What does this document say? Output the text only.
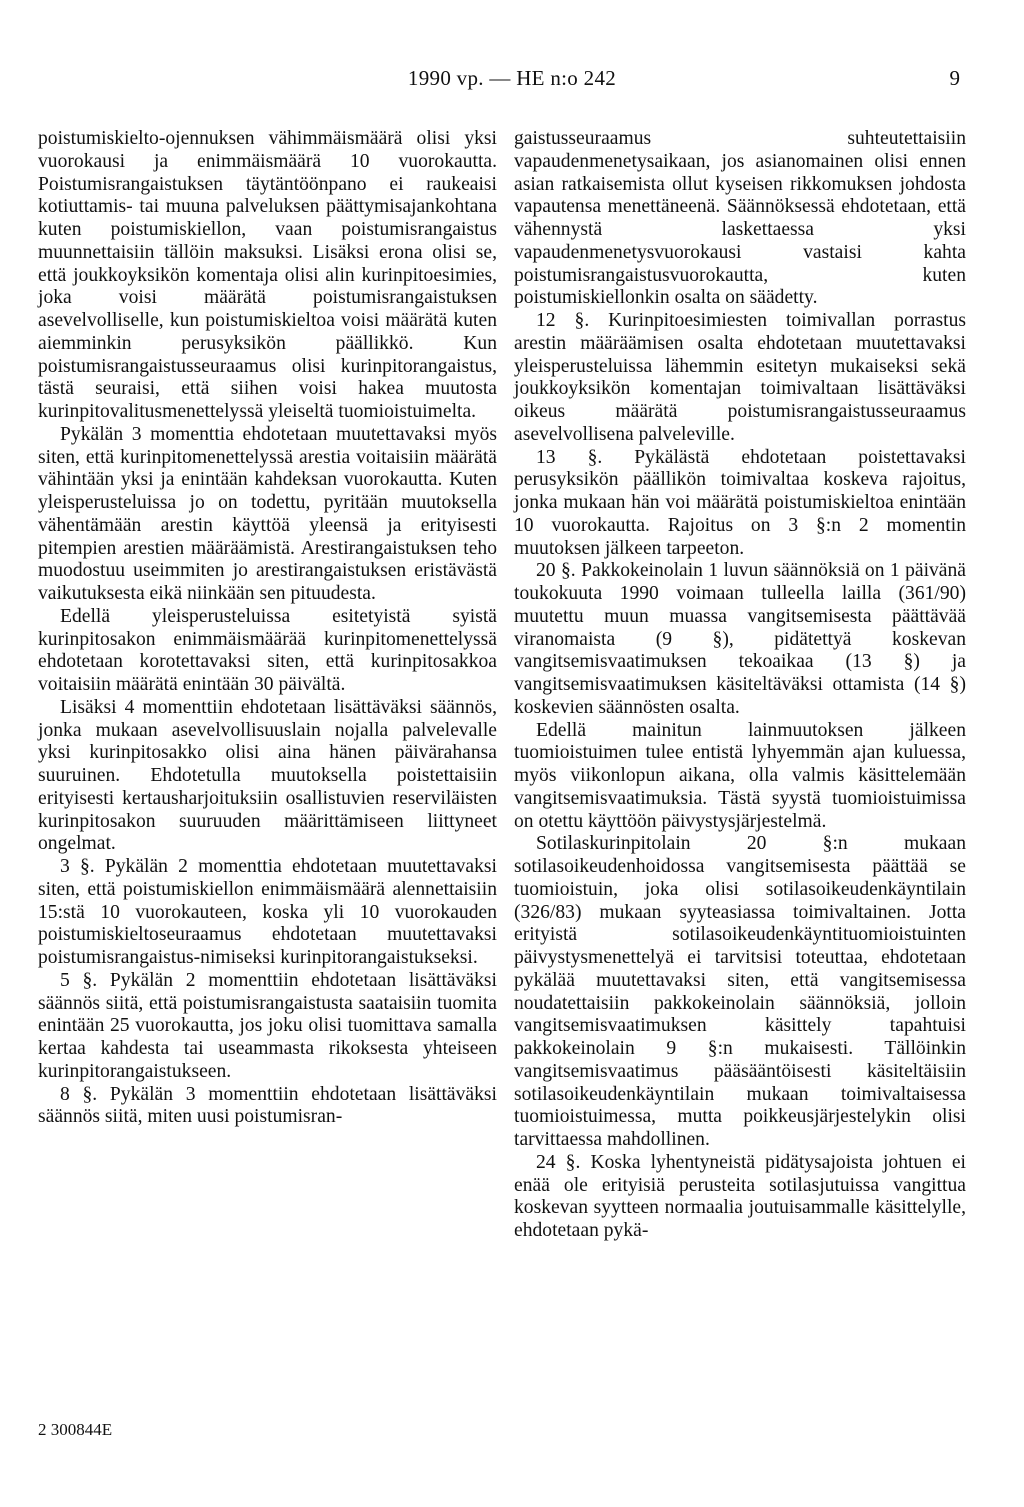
1990 vp. — HE n:o 242	9

poistumiskielto-ojennuksen vähimmäismäärä olisi yksi vuorokausi ja enimmäismäärä 10 vuorokautta. Poistumisrangaistuksen täytäntöönpano ei raukeaisi kotiuttamis- tai muuna palveluksen päättymisajankohtana kuten poistumiskiellon, vaan poistumisrangaistus muunnettaisiin tällöin maksuksi. Lisäksi erona olisi se, että joukkoyksikön komentaja olisi alin kurinpitoesimies, joka voisi määrätä poistumisrangaistuksen asevelvolliselle, kun poistumiskieltoa voisi määrätä kuten aiemminkin perusyksikön päällikkö. Kun poistumisrangaistusseuraamus olisi kurinpitorangaistus, tästä seuraisi, että siihen voisi hakea muutosta kurinpitovalitusmenettelyssä yleiseltä tuomioistuimelta.

Pykälän 3 momenttia ehdotetaan muutettavaksi myös siten, että kurinpitomenettelyssä arestia voitaisiin määrätä vähintään yksi ja enintään kahdeksan vuorokautta. Kuten yleisperusteluissa jo on todettu, pyritään muutoksella vähentämään arestin käyttöä yleensä ja erityisesti pitempien arestien määräämistä. Arestirangaistuksen teho muodostuu useimmiten jo arestirangaistuksen eristävästä vaikutuksesta eikä niinkään sen pituudesta.

Edellä yleisperusteluissa esitetyistä syistä kurinpitosakon enimmäismäärää kurinpitomenettelyssä ehdotetaan korotettavaksi siten, että kurinpitosakkoa voitaisiin määrätä enintään 30 päivältä.

Lisäksi 4 momenttiin ehdotetaan lisättäväksi säännös, jonka mukaan asevelvollisuuslain nojalla palvelevalle yksi kurinpitosakko olisi aina hänen päivärahansa suuruinen. Ehdotetulla muutoksella poistettaisiin erityisesti kertausharjoituksiin osallistuvien reserviläisten kurinpitosakon suuruuden määrittämiseen liittyneet ongelmat.

3 §. Pykälän 2 momenttia ehdotetaan muutettavaksi siten, että poistumiskiellon enimmäismäärä alennettaisiin 15:stä 10 vuorokauteen, koska yli 10 vuorokauden poistumiskieltoseuraamus ehdotetaan muutettavaksi poistumisrangaistus-nimiseksi kurinpitorangaistukseksi.

5 §. Pykälän 2 momenttiin ehdotetaan lisättäväksi säännös siitä, että poistumisrangaistusta saataisiin tuomita enintään 25 vuorokautta, jos joku olisi tuomittava samalla kertaa kahdesta tai useammasta rikoksesta yhteiseen kurinpitorangaistukseen.

8 §. Pykälän 3 momenttiin ehdotetaan lisättäväksi säännös siitä, miten uusi poistumisran-

gaistusseuraamus suhteutettaisiin vapaudenmenetysaikaan, jos asianomainen olisi ennen asian ratkaisemista ollut kyseisen rikkomuksen johdosta vapautensa menettäneenä. Säännöksessä ehdotetaan, että vähennystä laskettaessa yksi vapaudenmenetysvuorokausi vastaisi kahta poistumisrangaistusvuorokautta, kuten poistumiskiellonkin osalta on säädetty.

12 §. Kurinpitoesimiesten toimivallan porrastus arestin määräämisen osalta ehdotetaan muutettavaksi yleisperusteluissa lähemmin esitetyn mukaiseksi sekä joukkoyksikön komentajan toimivaltaan lisättäväksi oikeus määrätä poistumisrangaistusseuraamus asevelvollisena palveleville.

13 §. Pykälästä ehdotetaan poistettavaksi perusyksikön päällikön toimivaltaa koskeva rajoitus, jonka mukaan hän voi määrätä poistumiskieltoa enintään 10 vuorokautta. Rajoitus on 3 §:n 2 momentin muutoksen jälkeen tarpeeton.

20 §. Pakkokeinolain 1 luvun säännöksiä on 1 päivänä toukokuuta 1990 voimaan tulleella lailla (361/90) muutettu muun muassa vangitsemisesta päättävää viranomaista (9 §), pidätettyä koskevan vangitsemisvaatimuksen tekoaikaa (13 §) ja vangitsemisvaatimuksen käsiteltäväksi ottamista (14 §) koskevien säännösten osalta.

Edellä mainitun lainmuutoksen jälkeen tuomioistuimen tulee entistä lyhyemmän ajan kuluessa, myös viikonlopun aikana, olla valmis käsittelemään vangitsemisvaatimuksia. Tästä syystä tuomioistuimissa on otettu käyttöön päivystysjärjestelmä.

Sotilaskurinpitolain 20 §:n mukaan sotilasoikeudenhoidossa vangitsemisesta päättää se tuomioistuin, joka olisi sotilasoikeudenkäyntilain (326/83) mukaan syyteasiassa toimivaltainen. Jotta erityistä sotilasoikeudenkäyntituomioistuinten päivystysmenettelyä ei tarvitsisi toteuttaa, ehdotetaan pykälää muutettavaksi siten, että vangitsemisessa noudatettaisiin pakkokeinolain säännöksiä, jolloin vangitsemisvaatimuksen käsittely tapahtuisi pakkokeinolain 9 §:n mukaisesti. Tällöinkin vangitsemisvaatimus pääsääntöisesti käsiteltäisiin sotilasoikeudenkäyntilain mukaan toimivaltaisessa tuomioistuimessa, mutta poikkeusjärjestelykin olisi tarvittaessa mahdollinen.

24 §. Koska lyhentyneistä pidätysajoista johtuen ei enää ole erityisiä perusteita sotilasjutuissa vangittua koskevan syytteen normaalia joutuisammalle käsittelylle, ehdotetaan pykä-

2 300844E
